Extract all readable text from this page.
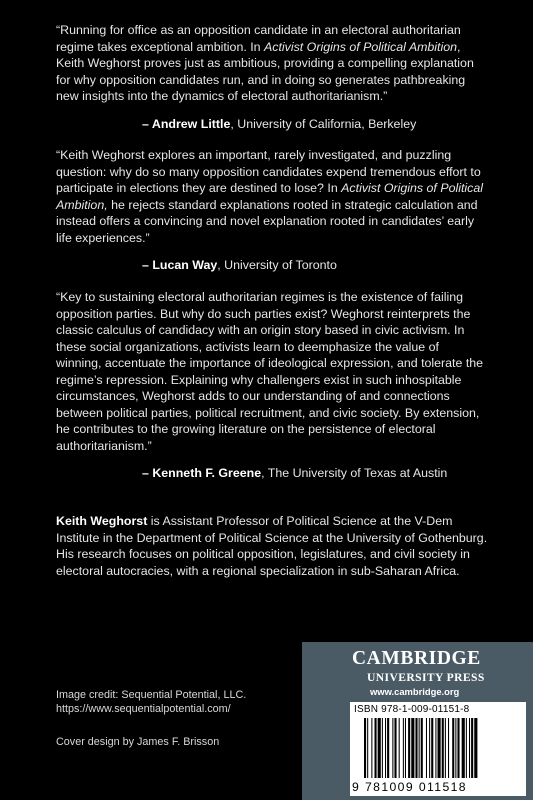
“Running for office as an opposition candidate in an electoral authoritarian regime takes exceptional ambition. In Activist Origins of Political Ambition, Keith Weghorst proves just as ambitious, providing a compelling explanation for why opposition candidates run, and in doing so generates pathbreaking new insights into the dynamics of electoral authoritarianism.”

– Andrew Little, University of California, Berkeley

“Keith Weghorst explores an important, rarely investigated, and puzzling question: why do so many opposition candidates expend tremendous effort to participate in elections they are destined to lose? In Activist Origins of Political Ambition, he rejects standard explanations rooted in strategic calculation and instead offers a convincing and novel explanation rooted in candidates’ early life experiences.”

– Lucan Way, University of Toronto

“Key to sustaining electoral authoritarian regimes is the existence of failing opposition parties. But why do such parties exist? Weghorst reinterprets the classic calculus of candidacy with an origin story based in civic activism. In these social organizations, activists learn to deemphasize the value of winning, accentuate the importance of ideological expression, and tolerate the regime’s repression. Explaining why challengers exist in such inhospitable circumstances, Weghorst adds to our understanding of and connections between political parties, political recruitment, and civic society. By extension, he contributes to the growing literature on the persistence of electoral authoritarianism.”

– Kenneth F. Greene, The University of Texas at Austin
Keith Weghorst is Assistant Professor of Political Science at the V-Dem Institute in the Department of Political Science at the University of Gothenburg. His research focuses on political opposition, legislatures, and civil society in electoral autocracies, with a regional specialization in sub-Saharan Africa.
Image credit: Sequential Potential, LLC.
https://www.sequentialpotential.com/
Cover design by James F. Brisson
CAMBRIDGE
UNIVERSITY PRESS
www.cambridge.org
ISBN 978-1-009-01151-8
9 781009 011518
